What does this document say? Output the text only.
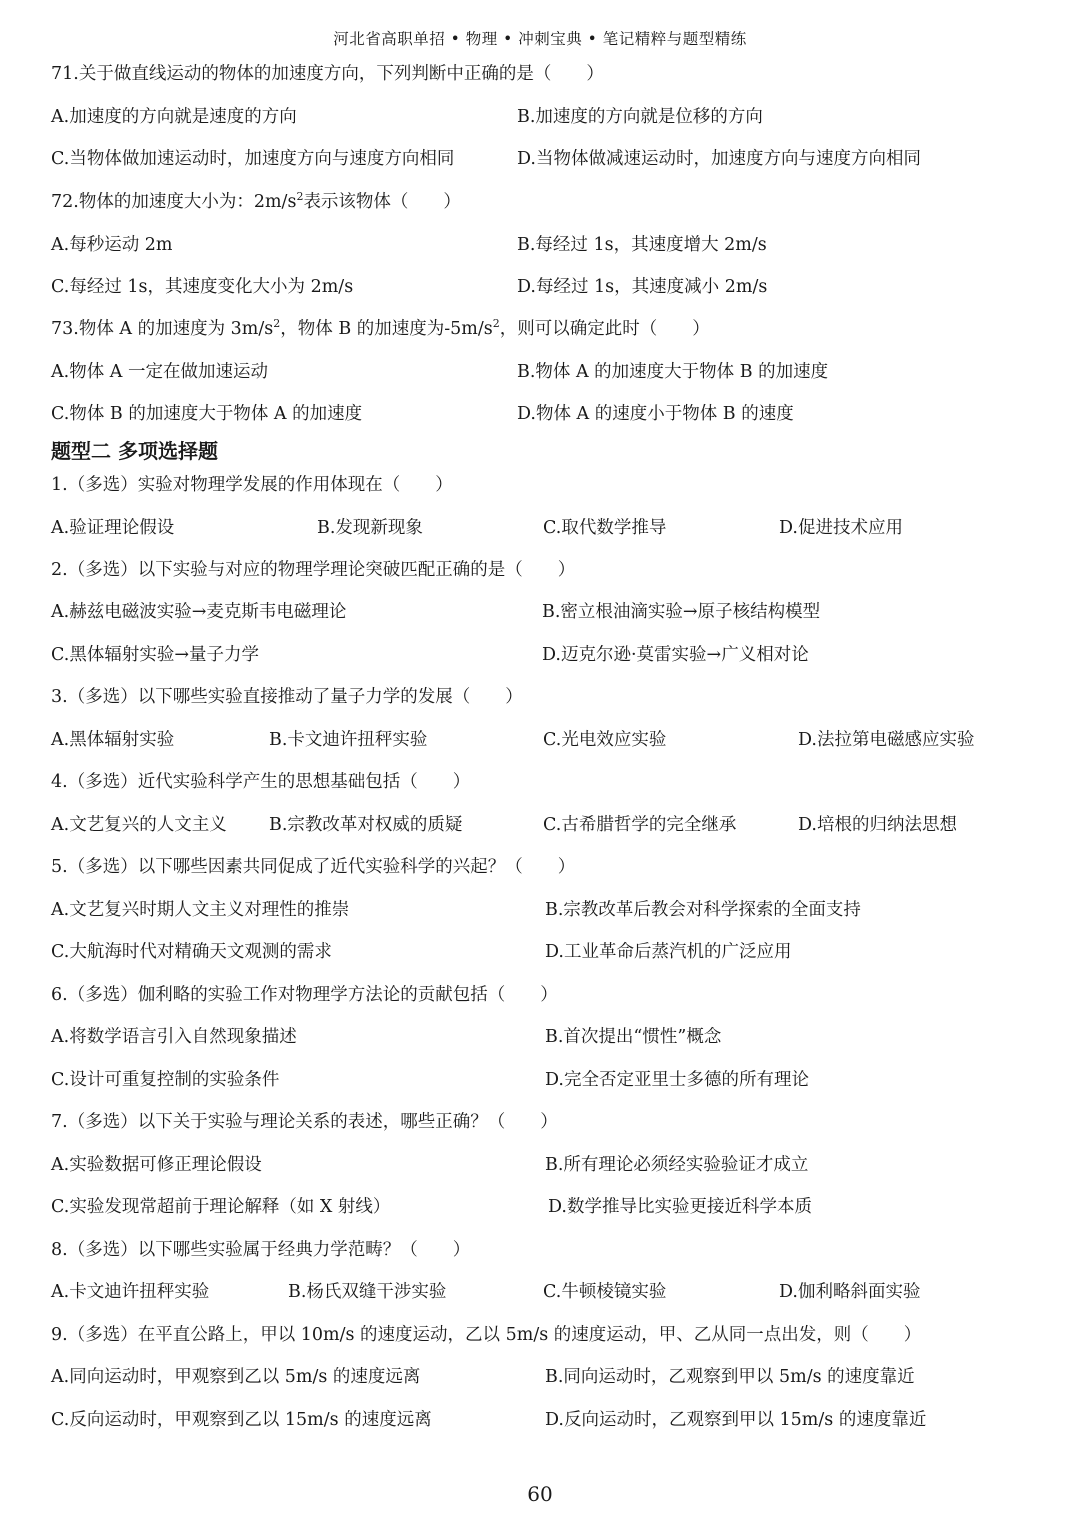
河北省高职单招 • 物理 • 冲刺宝典 • 笔记精粹与题型精练
71.关于做直线运动的物体的加速度方向，下列判断中正确的是（　　）
A.加速度的方向就是速度的方向	B.加速度的方向就是位移的方向
C.当物体做加速运动时，加速度方向与速度方向相同	D.当物体做减速运动时，加速度方向与速度方向相同
72.物体的加速度大小为：$2m/s^2$表示该物体（　　）
A.每秒运动 2m	B.每经过 1s，其速度增大 2m/s
C.每经过 1s，其速度变化大小为 2m/s	D.每经过 1s，其速度减小 2m/s
73.物体 A 的加速度为 $3m/s^2$，物体 B 的加速度为$-5m/s^2$，则可以确定此时（　　）
A.物体 A 一定在做加速运动	B.物体 A 的加速度大于物体 B 的加速度
C.物体 B 的加速度大于物体 A 的加速度	D.物体 A 的速度小于物体 B 的速度
题型二 多项选择题
1.（多选）实验对物理学发展的作用体现在（　　）
A.验证理论假设	B.发现新现象	C.取代数学推导	D.促进技术应用
2.（多选）以下实验与对应的物理学理论突破匹配正确的是（　　）
A.赫兹电磁波实验→麦克斯韦电磁理论	B.密立根油滴实验→原子核结构模型
C.黑体辐射实验→量子力学	D.迈克尔逊·莫雷实验→广义相对论
3.（多选）以下哪些实验直接推动了量子力学的发展（　　）
A.黑体辐射实验	B.卡文迪许扭秤实验	C.光电效应实验	D.法拉第电磁感应实验
4.（多选）近代实验科学产生的思想基础包括（　　）
A.文艺复兴的人文主义 B.宗教改革对权威的质疑	C.古希腊哲学的完全继承	D.培根的归纳法思想
5.（多选）以下哪些因素共同促成了近代实验科学的兴起？（　　）
A.文艺复兴时期人文主义对理性的推崇	B.宗教改革后教会对科学探索的全面支持
C.大航海时代对精确天文观测的需求	D.工业革命后蒸汽机的广泛应用
6.（多选）伽利略的实验工作对物理学方法论的贡献包括（　　）
A.将数学语言引入自然现象描述	B.首次提出“惯性”概念
C.设计可重复控制的实验条件	D.完全否定亚里士多德的所有理论
7.（多选）以下关于实验与理论关系的表述，哪些正确？（　　）
A.实验数据可修正理论假设	B.所有理论必须经实验验证才成立
C.实验发现常超前于理论解释（如 X 射线）	D.数学推导比实验更接近科学本质
8.（多选）以下哪些实验属于经典力学范畴？（　　）
A.卡文迪许扭秤实验	B.杨氏双缝干涉实验	C.牛顿棱镜实验	D.伽利略斜面实验
9.（多选）在平直公路上，甲以 10m/s 的速度运动，乙以 5m/s 的速度运动，甲、乙从同一点出发，则（　　）
A.同向运动时，甲观察到乙以 5m/s 的速度远离	B.同向运动时，乙观察到甲以 5m/s 的速度靠近
C.反向运动时，甲观察到乙以 15m/s 的速度远离	D.反向运动时，乙观察到甲以 15m/s 的速度靠近
60
